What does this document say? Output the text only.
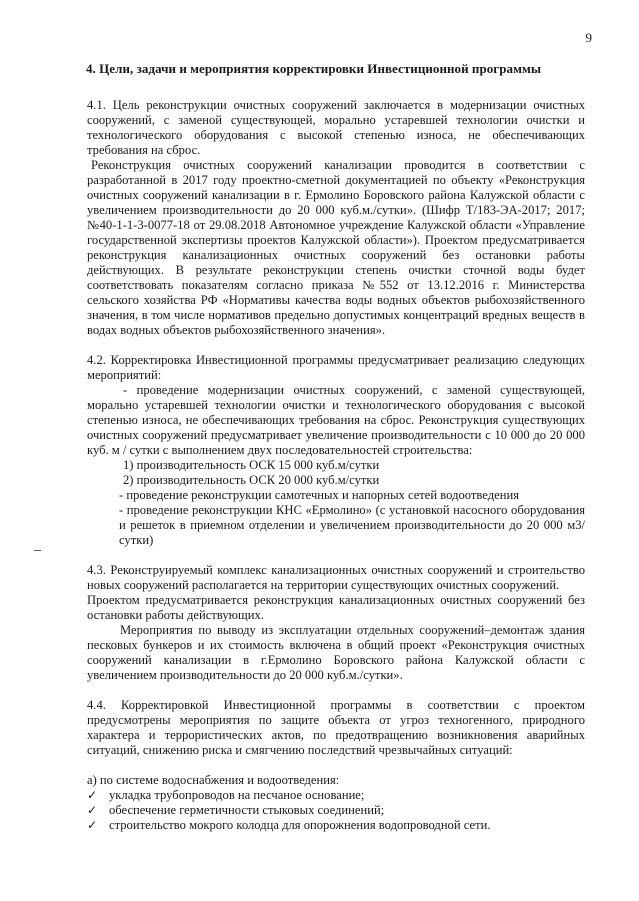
9
4. Цели, задачи и мероприятия корректировки Инвестиционной программы

4.1. Цель реконструкции очистных сооружений заключается в модернизации очистных сооружений, с заменой существующей, морально устаревшей технологии очистки и технологического оборудования с высокой степенью износа, не обеспечивающих требования на сброс.

Реконструкция очистных сооружений канализации проводится в соответствии с разработанной в 2017 году проектно-сметной документацией по объекту «Реконструкция очистных сооружений канализации в г. Ермолино Боровского района Калужской области с увеличением производительности до 20 000 куб.м./сутки». (Шифр Т/183-ЭА-2017; 2017; №40-1-1-3-0077-18 от 29.08.2018 Автономное учреждение Калужской области «Управление государственной экспертизы проектов Калужской области»). Проектом предусматривается реконструкция канализационных очистных сооружений без остановки работы действующих. В результате реконструкции степень очистки сточной воды будет соответствовать показателям согласно приказа №552 от 13.12.2016 г. Министерства сельского хозяйства РФ «Нормативы качества воды водных объектов рыбохозяйственного значения, в том числе нормативов предельно допустимых концентраций вредных веществ в водах водных объектов рыбохозяйственного значения».

4.2. Корректировка Инвестиционной программы предусматривает реализацию следующих мероприятий:

- проведение модернизации очистных сооружений, с заменой существующей, морально устаревшей технологии очистки и технологического оборудования с высокой степенью износа, не обеспечивающих требования на сброс. Реконструкция существующих очистных сооружений предусматривает увеличение производительности с 10 000 до 20 000 куб. м / сутки с выполнением двух последовательностей строительства:

1) производительность ОСК 15 000 куб.м/сутки

2) производительность ОСК 20 000 куб.м/сутки

- проведение реконструкции самотечных и напорных сетей водоотведения

- проведение реконструкции КНС «Ермолино» (с установкой насосного оборудования и решеток в приемном отделении и увеличением производительности до 20 000 м3/сутки)

4.3. Реконструируемый комплекс канализационных очистных сооружений и строительство новых сооружений располагается на территории существующих очистных сооружений.

Проектом предусматривается реконструкция канализационных очистных сооружений без остановки работы действующих.

Мероприятия по выводу из эксплуатации отдельных сооружений–демонтаж здания песковых бункеров и их стоимость включена в общий проект «Реконструкция очистных сооружений канализации в г.Ермолино Боровского района Калужской области с увеличением производительности до 20 000 куб.м./сутки».

4.4. Корректировкой Инвестиционной программы в соответствии с проектом предусмотрены мероприятия по защите объекта от угроз техногенного, природного характера и террористических актов, по предотвращению возникновения аварийных ситуаций, снижению риска и смягчению последствий чрезвычайных ситуаций:

а) по системе водоснабжения и водоотведения:

✓ укладка трубопроводов на песчаное основание;
✓ обеспечение герметичности стыковых соединений;
✓ строительство мокрого колодца для опорожнения водопроводной сети.
